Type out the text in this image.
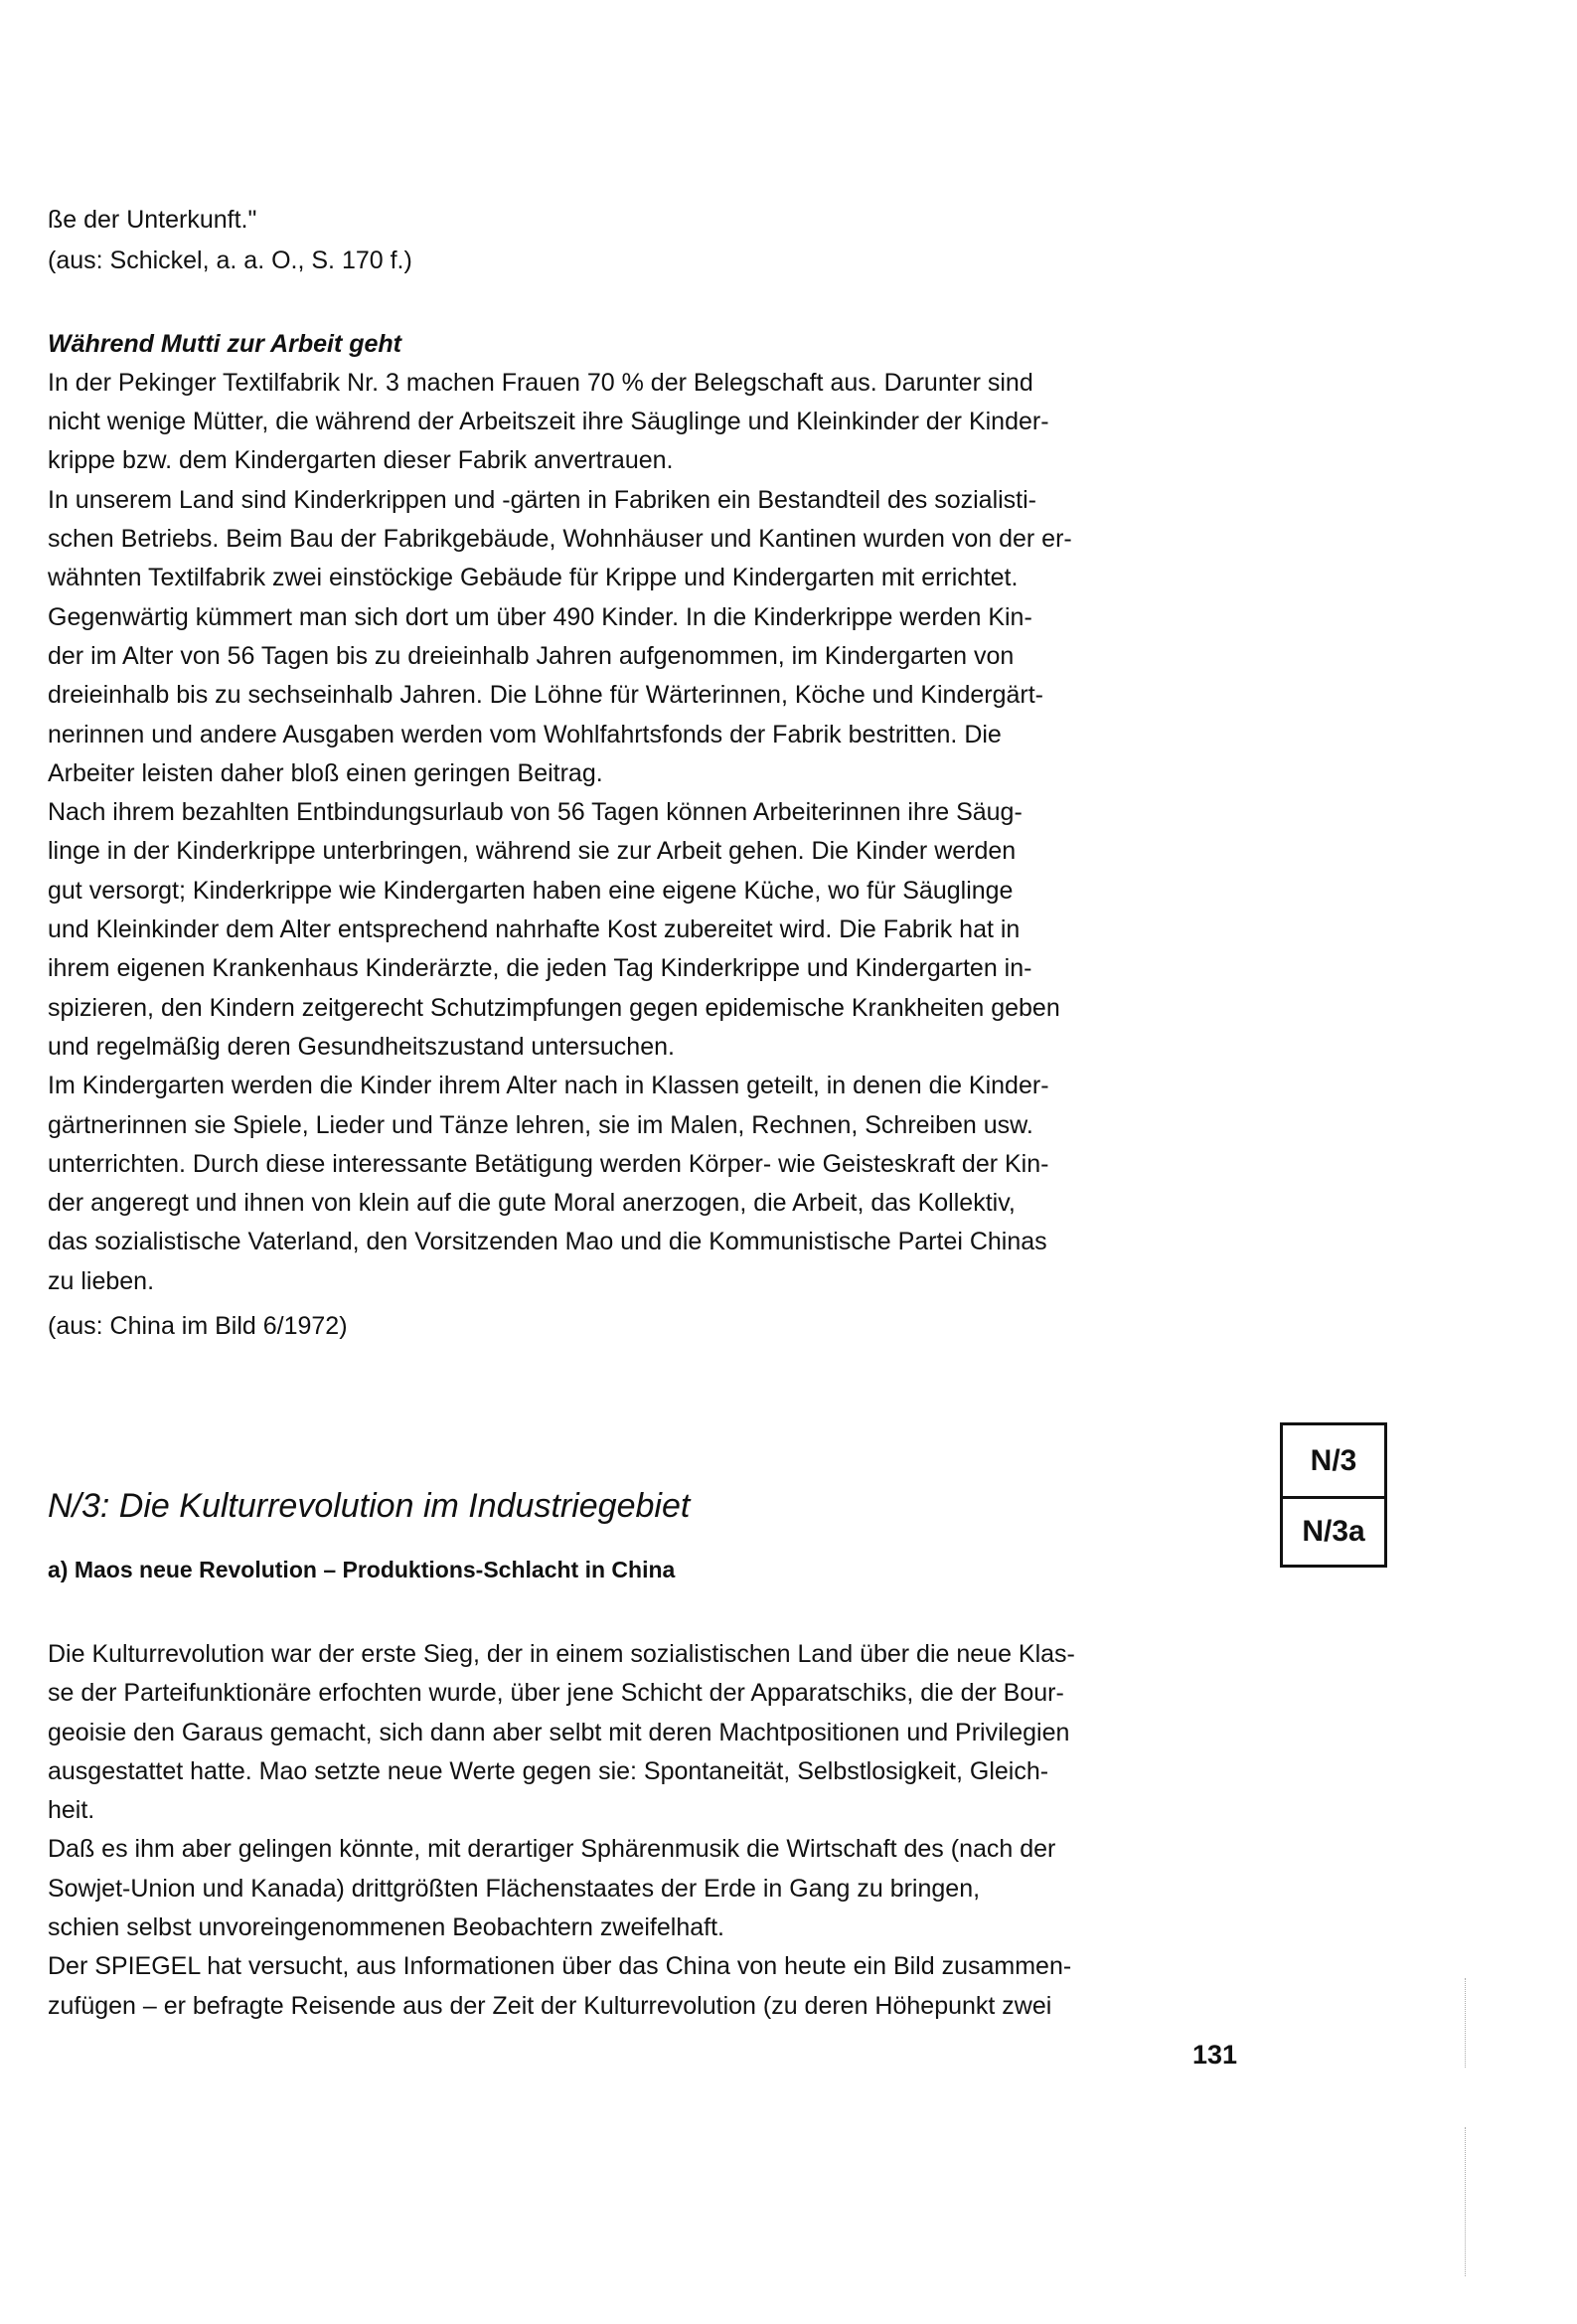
ße der Unterkunft."
(aus: Schickel, a. a. O., S. 170 f.)
Während Mutti zur Arbeit geht
In der Pekinger Textilfabrik Nr. 3 machen Frauen 70 % der Belegschaft aus. Darunter sind
nicht wenige Mütter, die während der Arbeitszeit ihre Säuglinge und Kleinkinder der Kinder-
krippe bzw. dem Kindergarten dieser Fabrik anvertrauen.
In unserem Land sind Kinderkrippen und -gärten in Fabriken ein Bestandteil des sozialisti-
schen Betriebs. Beim Bau der Fabrikgebäude, Wohnhäuser und Kantinen wurden von der er-
wähnten Textilfabrik zwei einstöckige Gebäude für Krippe und Kindergarten mit errichtet.
Gegenwärtig kümmert man sich dort um über 490 Kinder. In die Kinderkrippe werden Kin-
der im Alter von 56 Tagen bis zu dreieinhalb Jahren aufgenommen, im Kindergarten von
dreieinhalb bis zu sechseinhalb Jahren. Die Löhne für Wärterinnen, Köche und Kindergärt-
nerinnen und andere Ausgaben werden vom Wohlfahrtsfonds der Fabrik bestritten. Die
Arbeiter leisten daher bloß einen geringen Beitrag.
Nach ihrem bezahlten Entbindungsurlaub von 56 Tagen können Arbeiterinnen ihre Säug-
linge in der Kinderkrippe unterbringen, während sie zur Arbeit gehen. Die Kinder werden
gut versorgt; Kinderkrippe wie Kindergarten haben eine eigene Küche, wo für Säuglinge
und Kleinkinder dem Alter entsprechend nahrhafte Kost zubereitet wird. Die Fabrik hat in
ihrem eigenen Krankenhaus Kinderärzte, die jeden Tag Kinderkrippe und Kindergarten in-
spizieren, den Kindern zeitgerecht Schutzimpfungen gegen epidemische Krankheiten geben
und regelmäßig deren Gesundheitszustand untersuchen.
Im Kindergarten werden die Kinder ihrem Alter nach in Klassen geteilt, in denen die Kinder-
gärtnerinnen sie Spiele, Lieder und Tänze lehren, sie im Malen, Rechnen, Schreiben usw.
unterrichten. Durch diese interessante Betätigung werden Körper- wie Geisteskraft der Kin-
der angeregt und ihnen von klein auf die gute Moral anerzogen, die Arbeit, das Kollektiv,
das sozialistische Vaterland, den Vorsitzenden Mao und die Kommunistische Partei Chinas
zu lieben.
(aus: China im Bild 6/1972)
N/3: Die Kulturrevolution im Industriegebiet
a) Maos neue Revolution – Produktions-Schlacht in China
N/3
N/3a
Die Kulturrevolution war der erste Sieg, der in einem sozialistischen Land über die neue Klas-
se der Parteifunktionäre erfochten wurde, über jene Schicht der Apparatschiks, die der Bour-
geoisie den Garaus gemacht, sich dann aber selbt mit deren Machtpositionen und Privilegien
ausgestattet hatte. Mao setzte neue Werte gegen sie: Spontaneität, Selbstlosigkeit, Gleich-
heit.
Daß es ihm aber gelingen könnte, mit derartiger Sphärenmusik die Wirtschaft des (nach der
Sowjet-Union und Kanada) drittgrößten Flächenstaates der Erde in Gang zu bringen,
schien selbst unvoreingenommenen Beobachtern zweifelhaft.
Der SPIEGEL hat versucht, aus Informationen über das China von heute ein Bild zusammen-
zufügen – er befragte Reisende aus der Zeit der Kulturrevolution (zu deren Höhepunkt zwei
131
